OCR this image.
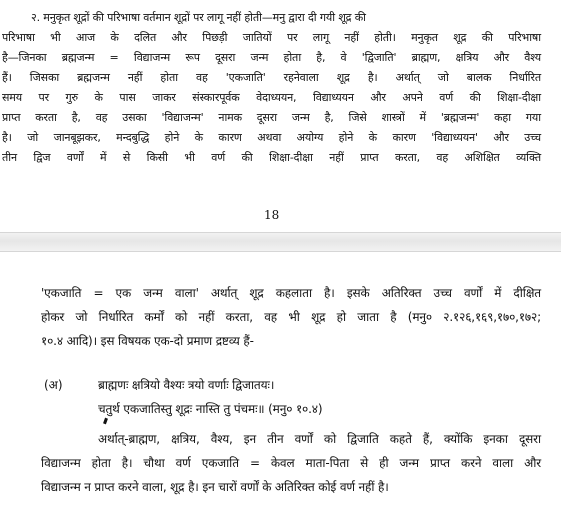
२. मनुकृत शूद्रों की परिभाषा वर्तमान शूद्रों पर लागू नहीं होती—मनु द्वारा दी गयी शूद्र की
परिभाषा भी आज के दलित और पिछड़ी जातियों पर लागू नहीं होती। मनुकृत शूद्र की परिभाषा
है—जिनका ब्रह्मजन्म = विद्याजन्म रूप दूसरा जन्म होता है, वे 'द्विजाति' ब्राह्मण, क्षत्रिय और वैश्य
हैं। जिसका ब्रह्मजन्म नहीं होता वह 'एकजाति' रहनेवाला शूद्र है। अर्थात् जो बालक निर्धारित
समय पर गुरु के पास जाकर संस्कारपूर्वक वेदाध्ययन, विद्याध्ययन और अपने वर्ण की शिक्षा-दीक्षा
प्राप्त करता है, वह उसका 'विद्याजन्म' नामक दूसरा जन्म है, जिसे शास्त्रों में 'ब्रह्मजन्म' कहा गया
है। जो जानबूझकर, मन्दबुद्धि होने के कारण अथवा अयोग्य होने के कारण 'विद्याध्ययन' और उच्च
तीन द्विज वर्णों में से किसी भी वर्ण की शिक्षा-दीक्षा नहीं प्राप्त करता, वह अशिक्षित व्यक्ति
18
'एकजाति = एक जन्म वाला' अर्थात् शूद्र कहलाता है। इसके अतिरिक्त उच्च वर्णों में दीक्षित
होकर जो निर्धारित कर्मों को नहीं करता, वह भी शूद्र हो जाता है (मनु० २.१२६,१६९,१७०,१७२;
१०.४ आदि)। इस विषयक एक-दो प्रमाण द्रष्टव्य हैं-
(अ)	ब्राह्मणः क्षत्रियो वैश्यः त्रयो वर्णाः द्विजातयः।
चतुर्थ एकजातिस्तु शूद्रः नास्ति तु पंचमः॥ (मनु० १०.४)
अर्थात्-ब्राह्मण, क्षत्रिय, वैश्य, इन तीन वर्णों को द्विजाति कहते हैं, क्योंकि इनका दूसरा
विद्याजन्म होता है। चौथा वर्ण एकजाति = केवल माता-पिता से ही जन्म प्राप्त करने वाला और
विद्याजन्म न प्राप्त करने वाला, शूद्र है। इन चारों वर्णों के अतिरिक्त कोई वर्ण नहीं है।
